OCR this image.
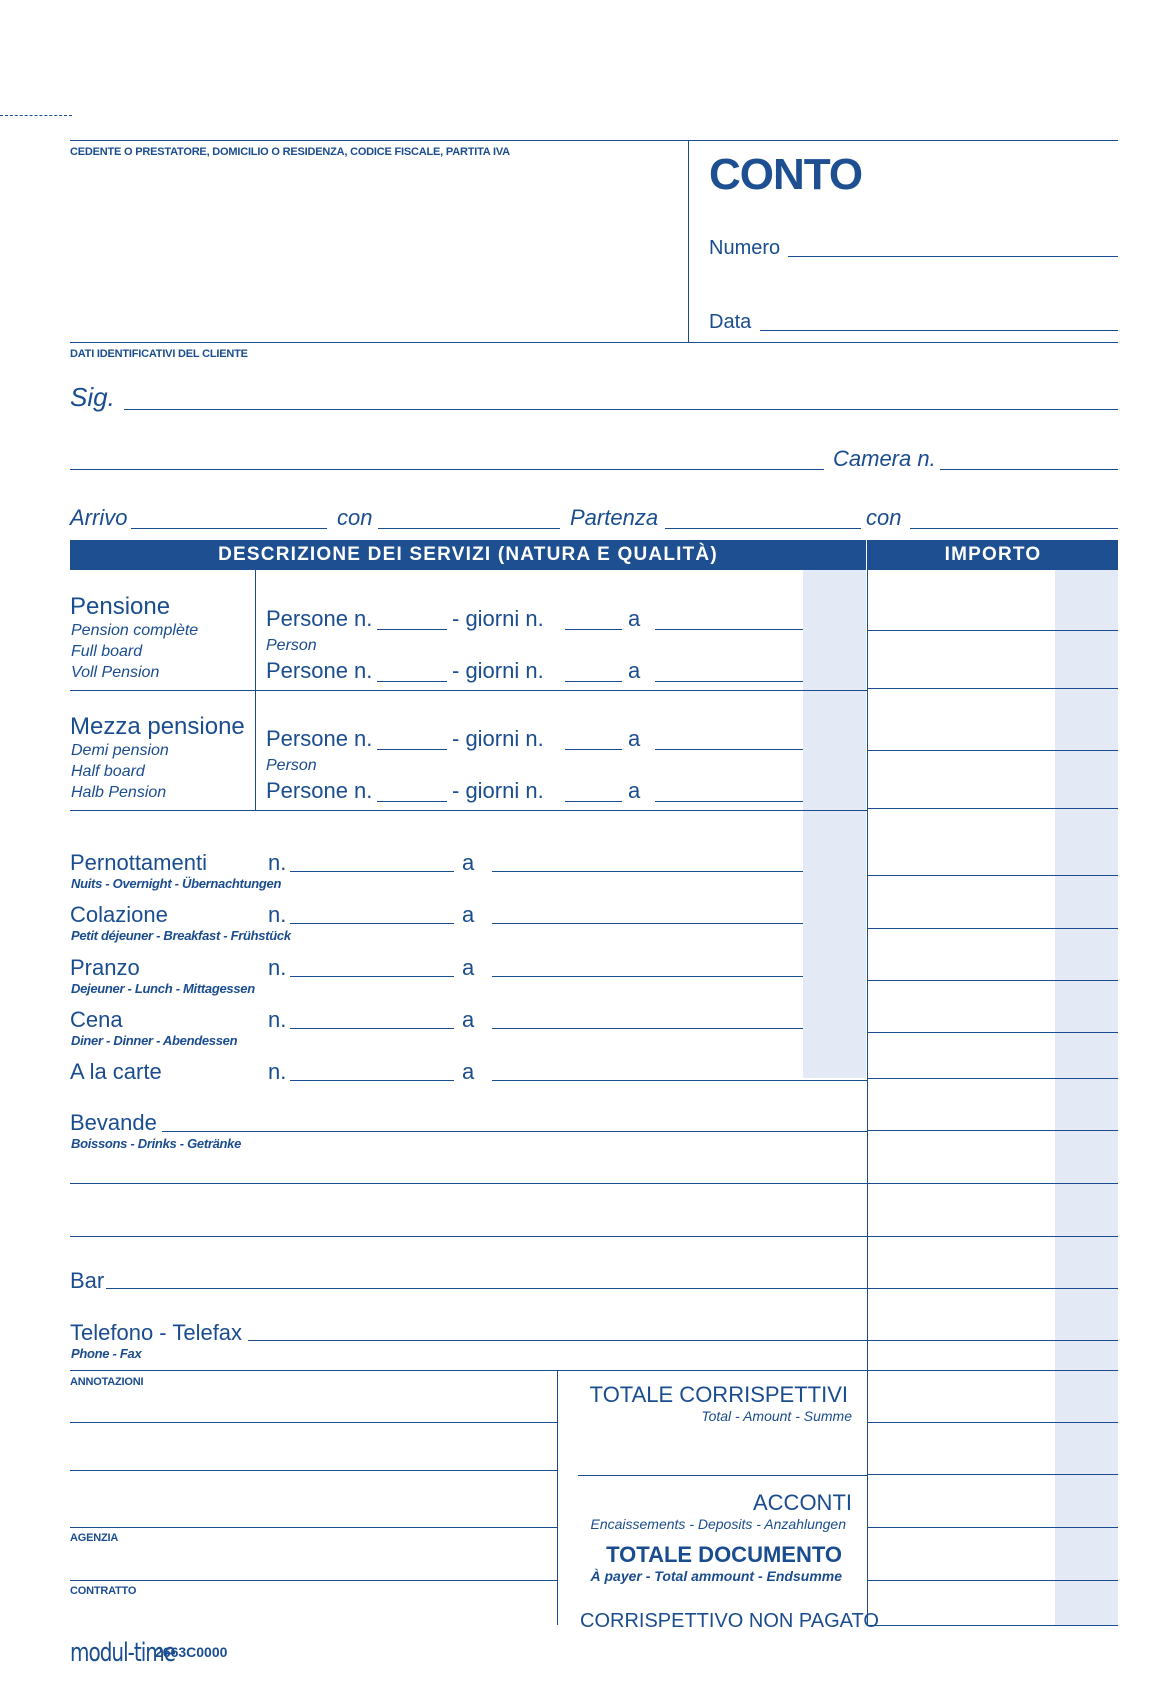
CEDENTE O PRESTATORE, DOMICILIO O RESIDENZA, CODICE FISCALE, PARTITA IVA	CONTO
Numero
Data
DATI IDENTIFICATIVI DEL CLIENTE
Sig.
Camera n.
Arrivo	con	Partenza	con
DESCRIZIONE DEI SERVIZI (NATURA E QUALITÀ)	IMPORTO
Pensione
Pension complète
Full board
Voll Pension
Persone n.	- giorni n.	a
Person
Persone n.	- giorni n.	a
Mezza pensione
Demi pension
Half board
Halb Pension
Persone n.	- giorni n.	a
Person
Persone n.	- giorni n.	a
Pernottamenti
Nuits - Overnight - Übernachtungen
n.	a
Colazione
Petit déjeuner - Breakfast - Frühstück
n.	a
Pranzo
Dejeuner - Lunch - Mittagessen
n.	a
Cena
Diner - Dinner - Abendessen
n.	a
A la carte	n.	a
Bevande
Boissons - Drinks - Getränke
Bar
Telefono - Telefax
Phone - Fax
ANNOTAZIONI
AGENZIA
CONTRATTO
TOTALE CORRISPETTIVI
Total - Amount - Summe
ACCONTI
Encaissements - Deposits - Anzahlungen
TOTALE DOCUMENTO
À payer - Total ammount - Endsumme
CORRISPETTIVO NON PAGATO
modul-time
2663C0000
